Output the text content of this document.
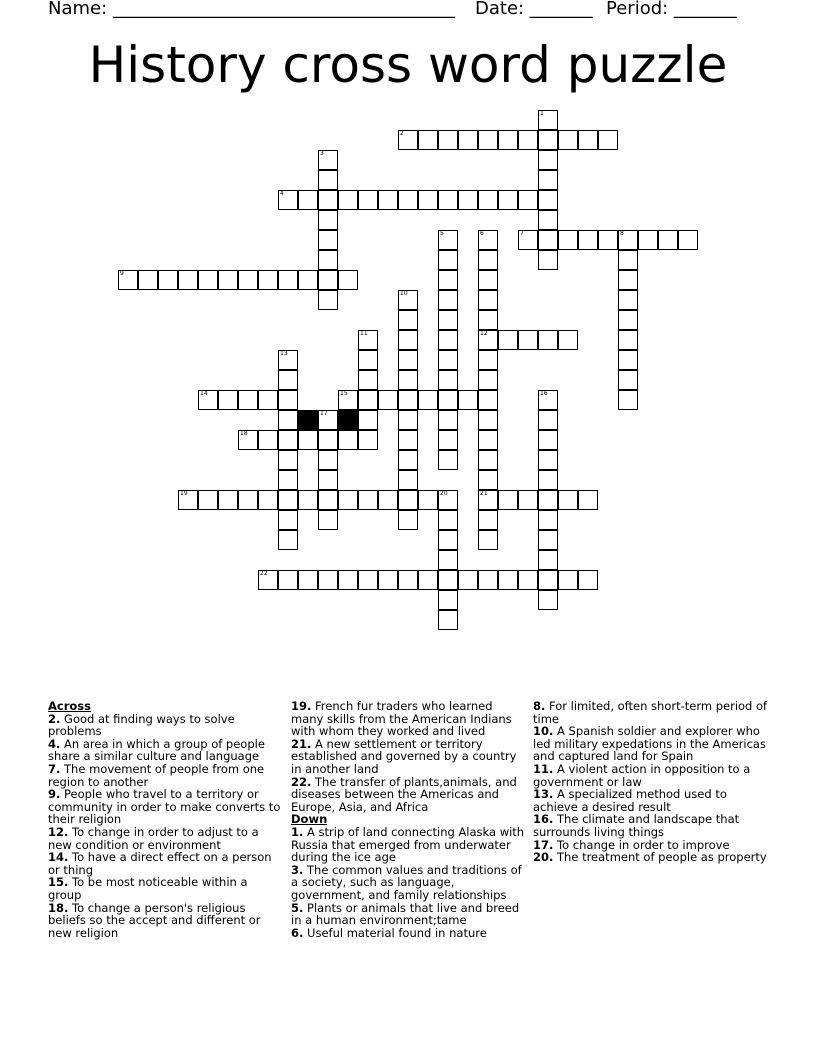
Name: ______________________________________ Date: _______ Period: _______
History cross word puzzle
2
4
7	8
9
12
14	15
18
19	21
22
1
3
5	6
10
11
13
16
17
20
Across
2. Good at finding ways to solve problems
4. An area in which a group of people share a similar culture and language
7. The movement of people from one region to another
9. People who travel to a territory or community in order to make converts to their religion
12. To change in order to adjust to a new condition or environment
14. To have a direct effect on a person or thing
15. To be most noticeable within a group
18. To change a person's religious beliefs so the accept and different or new religion
19. French fur traders who learned many skills from the American Indians with whom they worked and lived
21. A new settlement or territory established and governed by a country in another land
22. The transfer of plants,animals, and diseases between the Americas and Europe, Asia, and Africa
Down
1. A strip of land connecting Alaska with Russia that emerged from underwater during the ice age
3. The common values and traditions of a society, such as language, government, and family relationships
5. Plants or animals that live and breed in a human environment;tame
6. Useful material found in nature
8. For limited, often short-term period of time
10. A Spanish soldier and explorer who led military expedations in the Americas and captured land for Spain
11. A violent action in opposition to a government or law
13. A specialized method used to achieve a desired result
16. The climate and landscape that surrounds living things
17. To change in order to improve
20. The treatment of people as property
